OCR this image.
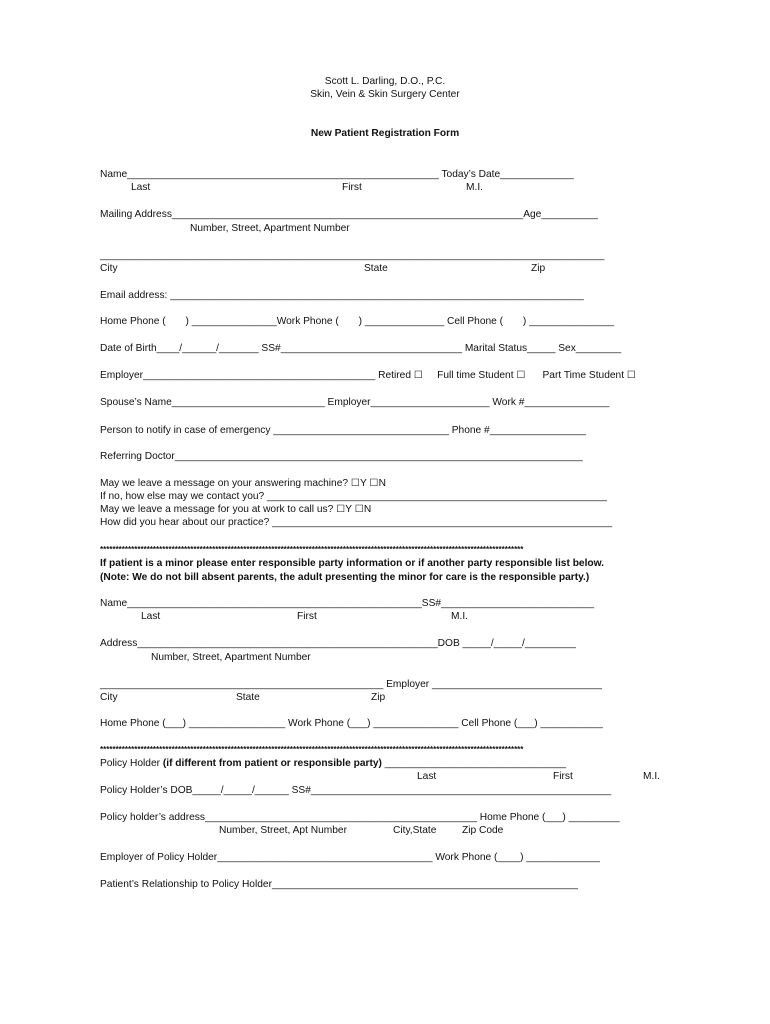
Scott L. Darling, D.O., P.C.
Skin, Vein & Skin Surgery Center
New Patient Registration Form
Name_______________________________________________________ Today’s Date_____________
Last	First	M.I.
Mailing Address______________________________________________________________Age__________
Number, Street, Apartment Number
_________________________________________________________________________________________
City	State	Zip
Email address: _________________________________________________________________________
Home Phone (       ) _______________Work Phone (       ) ______________ Cell Phone (       ) _______________
Date of Birth____/______/_______ SS#________________________________ Marital Status_____ Sex________
Employer_________________________________________ Retired ☐     Full time Student ☐      Part Time Student ☐
Spouse’s Name___________________________ Employer_____________________ Work #_______________
Person to notify in case of emergency _______________________________ Phone #_________________
Referring Doctor________________________________________________________________________
May we leave a message on your answering machine? ☐Y ☐N
If no, how else may we contact you? ____________________________________________________________
May we leave a message for you at work to call us? ☐Y ☐N
How did you hear about our practice? ____________________________________________________________
****************************************************************************************************************************************
If patient is a minor please enter responsible party information or if another party responsible list below.
(Note: We do not bill absent parents, the adult presenting the minor for care is the responsible party.)
Name____________________________________________________SS#___________________________
Last	First	M.I.
Address_____________________________________________________DOB _____/_____/_________
Number, Street, Apartment Number
__________________________________________________ Employer ______________________________
City	State	Zip
Home Phone (___) _________________ Work Phone (___) _______________ Cell Phone (___) ___________
****************************************************************************************************************************************
Policy Holder (if different from patient or responsible party) ________________________________
Last	First	M.I.
Policy Holder’s DOB_____/_____/______ SS#_____________________________________________________
Policy holder’s address________________________________________________ Home Phone (___) _________
Number, Street, Apt Number	City,State	Zip Code
Employer of Policy Holder______________________________________ Work Phone (____) _____________
Patient’s Relationship to Policy Holder______________________________________________________
